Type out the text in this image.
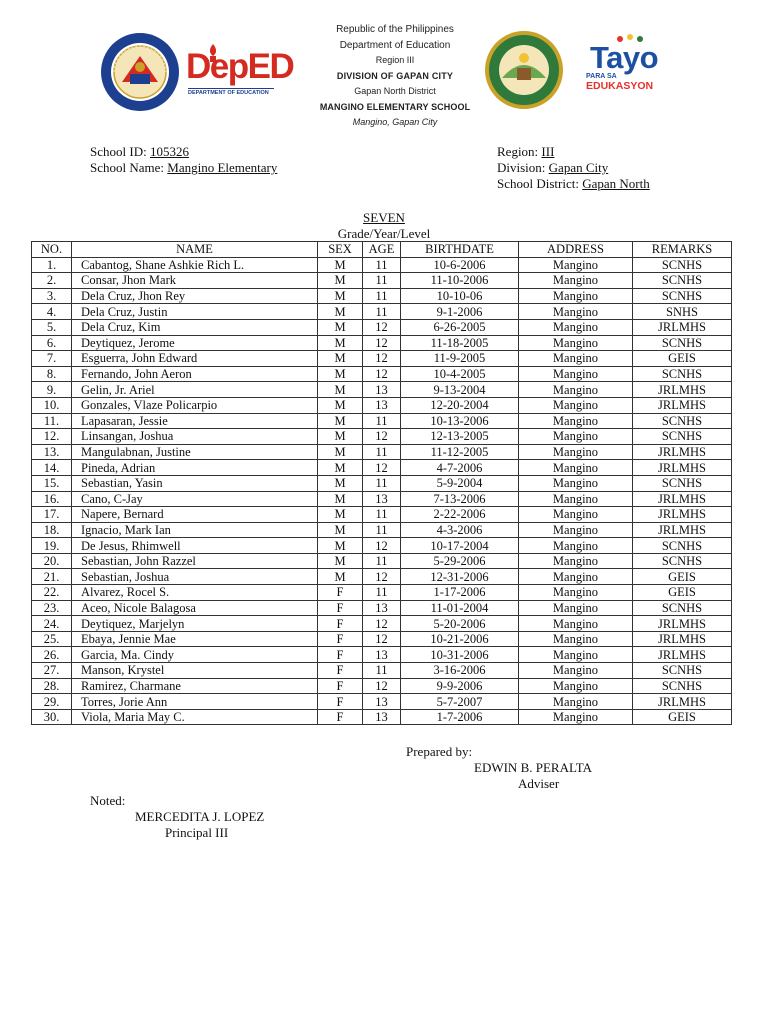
DepED
DEPARTMENT OF EDUCATION
Republic of the Philippines
Department of Education
Region III
DIVISION OF GAPAN CITY
Gapan North District
MANGINO ELEMENTARY SCHOOL
Mangino, Gapan City
Tayo
PARA SA
EDUKASYON
School ID: 105326
School Name: Mangino Elementary
Region: III
Division: Gapan City
School District: Gapan North
SEVEN
Grade/Year/Level
NO.	NAME	SEX	AGE	BIRTHDATE	ADDRESS	REMARKS
1.	Cabantog, Shane Ashkie Rich L.	M	11	10-6-2006	Mangino	SCNHS
2.	Consar, Jhon Mark	M	11	11-10-2006	Mangino	SCNHS
3.	Dela Cruz, Jhon Rey	M	11	10-10-06	Mangino	SCNHS
4.	Dela Cruz, Justin	M	11	9-1-2006	Mangino	SNHS
5.	Dela Cruz, Kim	M	12	6-26-2005	Mangino	JRLMHS
6.	Deytiquez, Jerome	M	12	11-18-2005	Mangino	SCNHS
7.	Esguerra, John Edward	M	12	11-9-2005	Mangino	GEIS
8.	Fernando, John Aeron	M	12	10-4-2005	Mangino	SCNHS
9.	Gelin, Jr. Ariel	M	13	9-13-2004	Mangino	JRLMHS
10.	Gonzales, Vlaze Policarpio	M	13	12-20-2004	Mangino	JRLMHS
11.	Lapasaran, Jessie	M	11	10-13-2006	Mangino	SCNHS
12.	Linsangan, Joshua	M	12	12-13-2005	Mangino	SCNHS
13.	Mangulabnan, Justine	M	11	11-12-2005	Mangino	JRLMHS
14.	Pineda, Adrian	M	12	4-7-2006	Mangino	JRLMHS
15.	Sebastian, Yasin	M	11	5-9-2004	Mangino	SCNHS
16.	Cano, C-Jay	M	13	7-13-2006	Mangino	JRLMHS
17.	Napere, Bernard	M	11	2-22-2006	Mangino	JRLMHS
18.	Ignacio, Mark Ian	M	11	4-3-2006	Mangino	JRLMHS
19.	De Jesus, Rhimwell	M	12	10-17-2004	Mangino	SCNHS
20.	Sebastian, John Razzel	M	11	5-29-2006	Mangino	SCNHS
21.	Sebastian, Joshua	M	12	12-31-2006	Mangino	GEIS
22.	Alvarez, Rocel S.	F	11	1-17-2006	Mangino	GEIS
23.	Aceo, Nicole Balagosa	F	13	11-01-2004	Mangino	SCNHS
24.	Deytiquez, Marjelyn	F	12	5-20-2006	Mangino	JRLMHS
25.	Ebaya, Jennie Mae	F	12	10-21-2006	Mangino	JRLMHS
26.	Garcia, Ma. Cindy	F	13	10-31-2006	Mangino	JRLMHS
27.	Manson, Krystel	F	11	3-16-2006	Mangino	SCNHS
28.	Ramirez, Charmane	F	12	9-9-2006	Mangino	SCNHS
29.	Torres, Jorie Ann	F	13	5-7-2007	Mangino	JRLMHS
30.	Viola, Maria May C.	F	13	1-7-2006	Mangino	GEIS
Prepared by:
EDWIN B. PERALTA
Adviser
Noted:
MERCEDITA J. LOPEZ
Principal III
